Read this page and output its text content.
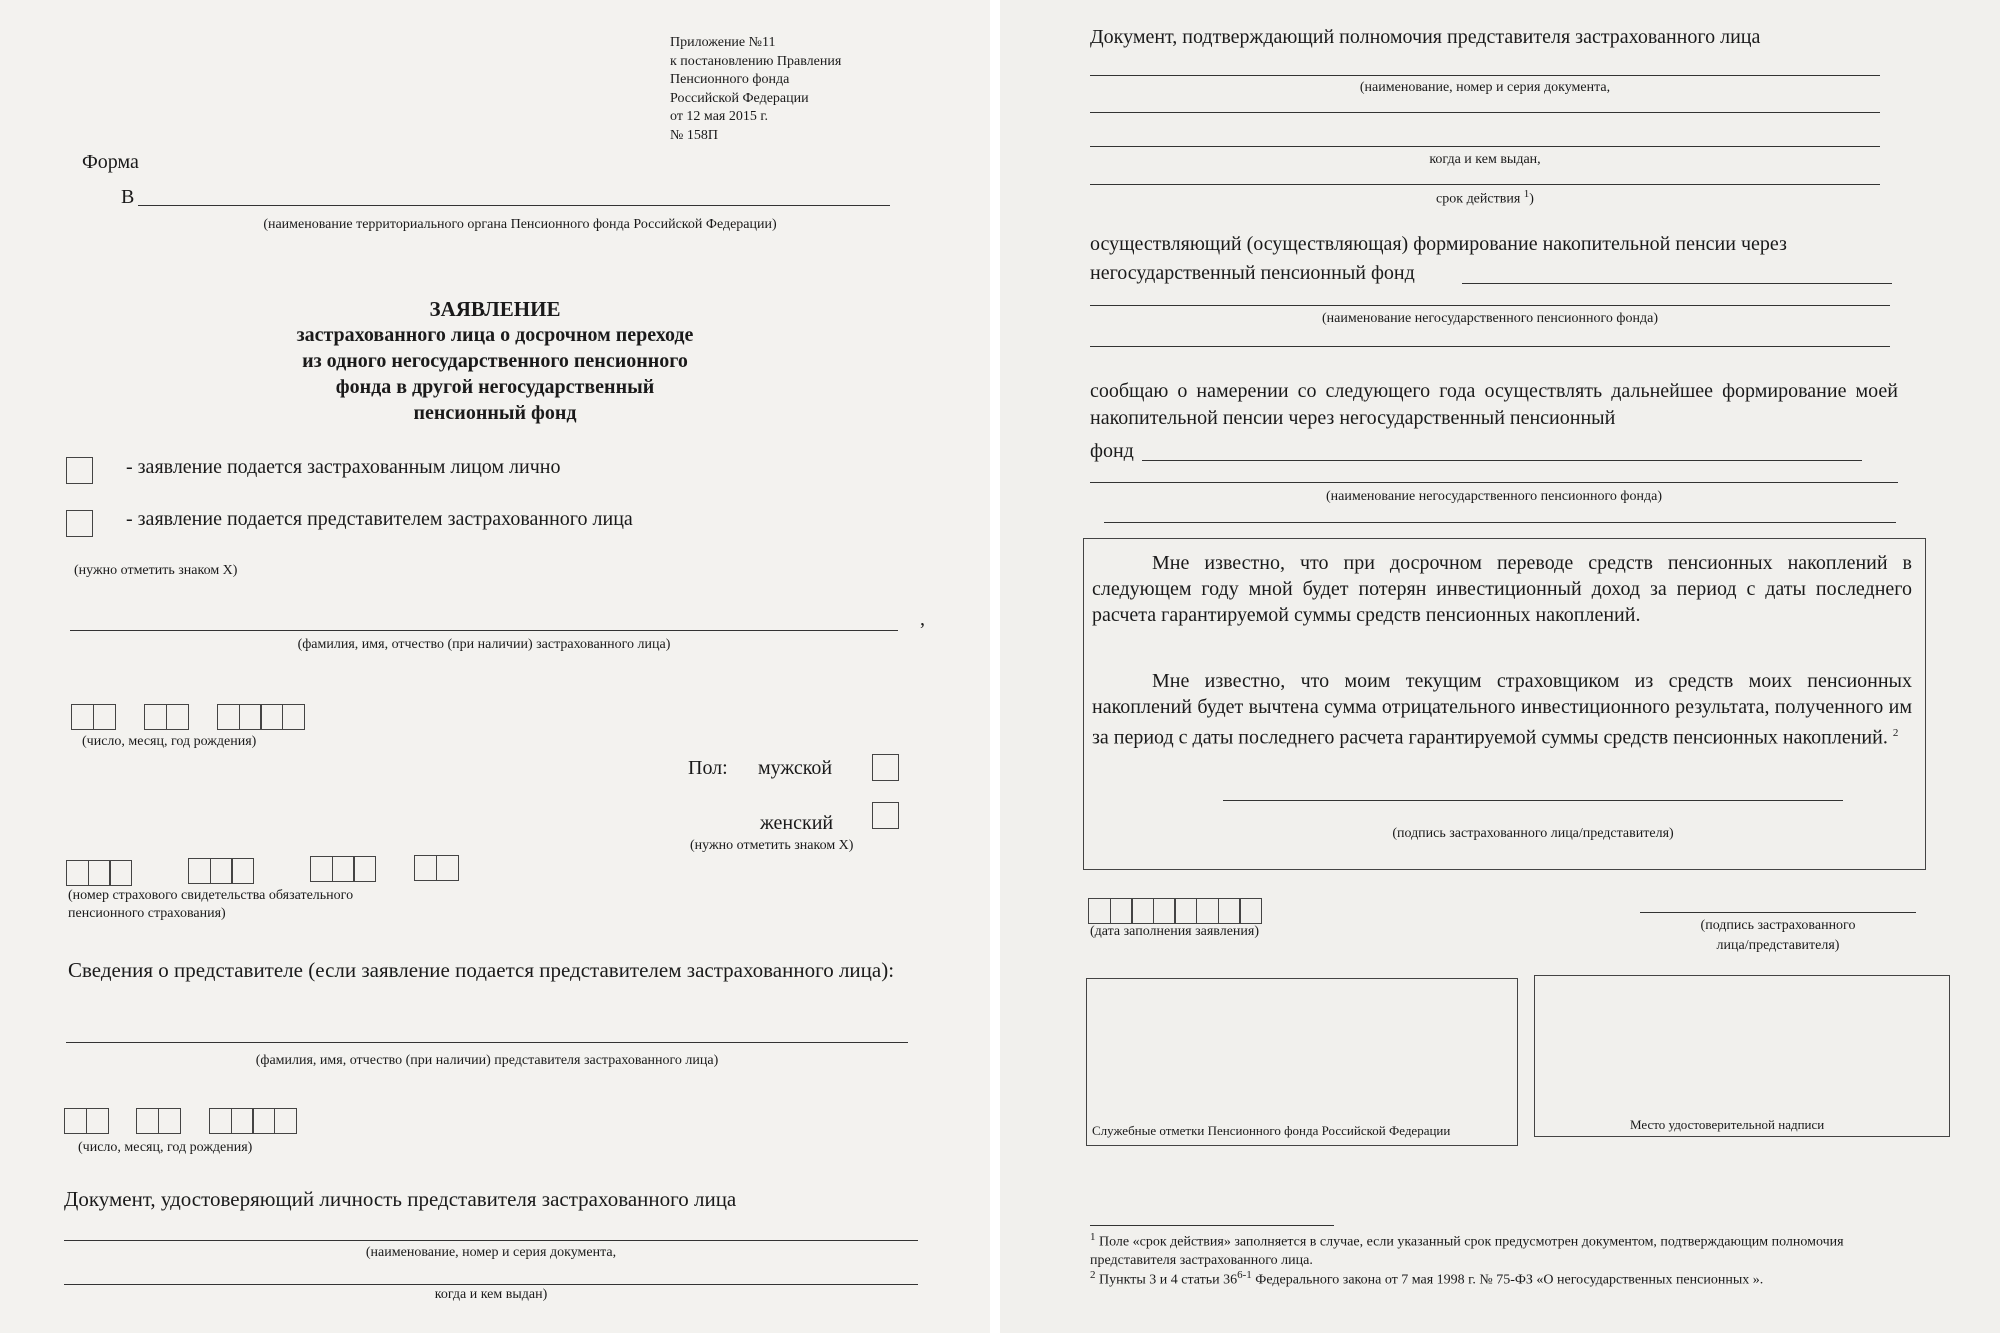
Приложение №11
к постановлению Правления
Пенсионного фонда
Российской Федерации
от 12 мая 2015 г.
№ 158П
Форма
В
(наименование территориального органа Пенсионного фонда Российской Федерации)
ЗАЯВЛЕНИЕ
застрахованного лица о досрочном переходе
из одного негосударственного пенсионного
фонда в другой негосударственный
пенсионный фонд
- заявление подается застрахованным лицом лично
- заявление подается представителем застрахованного лица
(нужно отметить знаком X)
,
(фамилия, имя, отчество (при наличии) застрахованного лица)
(число, месяц, год рождения)
Пол: мужской
женский
(нужно отметить знаком X)
(номер страхового свидетельства обязательного
пенсионного страхования)
Сведения о представителе (если заявление подается представителем застрахованного лица):
(фамилия, имя, отчество (при наличии) представителя застрахованного лица)
(число, месяц, год рождения)
Документ, удостоверяющий личность представителя застрахованного лица
(наименование, номер и серия документа,
когда и кем выдан)
Документ, подтверждающий полномочия представителя застрахованного лица
(наименование, номер и серия документа,
когда и кем выдан,
срок действия $^1$)
осуществляющий (осуществляющая) формирование накопительной пенсии через
негосударственный пенсионный фонд
(наименование негосударственного пенсионного фонда)
сообщаю о намерении со следующего года осуществлять дальнейшее формирование моей накопительной пенсии через негосударственный пенсионный
фонд
(наименование негосударственного пенсионного фонда)
Мне известно, что при досрочном переводе средств пенсионных накоплений в следующем году мной будет потерян инвестиционный доход за период с даты последнего расчета гарантируемой суммы средств пенсионных накоплений.
Мне известно, что моим текущим страховщиком из средств моих пенсионных накоплений будет вычтена сумма отрицательного инвестиционного результата, полученного им за период с даты последнего расчета гарантируемой суммы средств пенсионных накоплений. $^2$
(подпись застрахованного лица/представителя)
(дата заполнения заявления)	(подпись застрахованного
лица/представителя)
Служебные отметки Пенсионного фонда Российской Федерации	Место удостоверительной надписи
$^1$ Поле «срок действия» заполняется в случае, если указанный срок предусмотрен документом, подтверждающим полномочия представителя застрахованного лица.
$^2$ Пункты 3 и 4 статьи 36$^{6-1}$ Федерального закона от 7 мая 1998 г. № 75-ФЗ «О негосударственных пенсионных ».
